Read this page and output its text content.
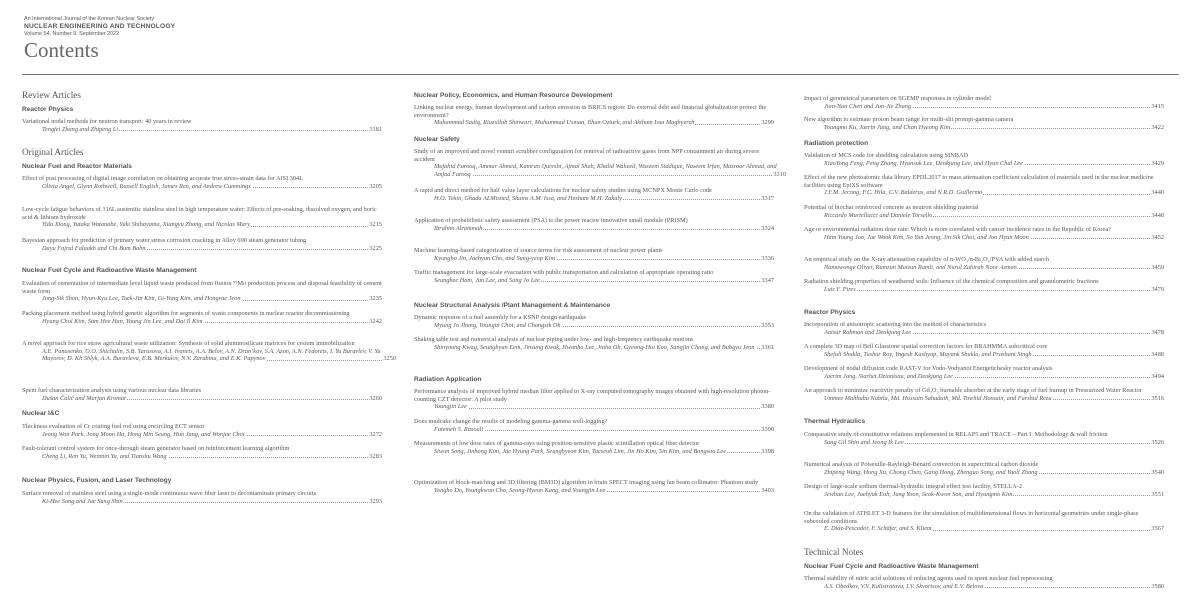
An International Journal of the Korean Nuclear Society
NUCLEAR ENGINEERING AND TECHNOLOGY
Volume 54, Number 9, September 2022
Contents
Review Articles
Reactor Physics
Variational nodal methods for neutron transport: 40 years in review
Tengfei Zhang and Zhipeng Li	3181
Original Articles
Nuclear Fuel and Reactor Materials
Effect of post processing of digital image correlation on obtaining accurate true stress-strain data for AISI 304L
Olivia Angel, Glynn Rothwell, Russell English, James Ren, and Andrew Cummings	3205
Low-cycle fatigue behaviors of 316L austenitic stainless steel in high temperature water: Effects of pre-soaking, dissolved oxygen, and boric acid & lithium hydroxide
Yida Xiong, Yutaka Watanabe, Yuki Shibayama, Xiangyu Zhong, and Nicolas Mary	3215
Bayesian approach for prediction of primary water stress corrosion cracking in Alloy 690 steam generator tubing
Dayu Fajrul Falaakh and Chi Bum Bahn	3225
Nuclear Fuel Cycle and Radioactive Waste Management
Evaluation of cementation of intermediate level liquid waste produced from fission ⁹⁹Mo production process and disposal feasibility of cement waste form
Jong-Sik Shon, Hyun-Kyu Lee, Tack-Jin Kim, Gi-Yong Kim, and Hongrae Jeon	3235
Packing placement method using hybrid genetic algorithm for segments of waste components in nuclear reactor decommissioning
Hyung Chol Kim, Sam Hee Han, Young Jin Lee, and Dai Il Kim	3242
A novel approach for rice straw agricultural waste utilization: Synthesis of solid aluminosilicate matrices for cesium immobilization
A.E. Panasenko, O.O. Shichalin, S.B. Yarusova, A.I. Ivanets, A.A. Belov, A.N. Dran’kov, S.A. Azon, A.N. Fedorets, I. Yu Buravlev, V. Yu Mayorov, D. Kh Shlyk, A.A. Buravleva, E.B. Merkulov, N.V. Zarubina, and E.K. Papynov	3250
Spent fuel characterization analysis using various nuclear data libraries
Dušan Čalič and Marjan Kromar	3260
Nuclear I&C
Thickness evaluation of Cr coating fuel rod using encircling ECT sensor
Jeong Won Park, Jong Moon Ha, Hong Min Seung, Hun Jang, and Wonjae Choi	3272
Fault-tolerant control system for once-through steam generator based on reinforcement learning algorithm
Cheng Li, Ren Yu, Wenmin Yu, and Tianshu Wang	3283
Nuclear Physics, Fusion, and Laser Technology
Surface removal of stainless steel using a single-mode continuous wave fiber laser to decontaminate primary circuits
Ki-Hee Song and Jae Sung Shin	3293
Nuclear Policy, Economics, and Human Resource Development
Linking nuclear energy, human development and carbon emission in BRICS region: Do external debt and financial globalization protect the environment?
Muhammad Sadiq, Riazullah Shinwari, Muhammad Usman, Ilhan Ozturk, and Aktham Issa Maghyereh	3299
Nuclear Safety
Study of an improved and novel venturi scrubber configuration for removal of radioactive gases from NPP containment air during severe accident
Mujahid Farooq, Ammar Ahmed, Kamran Qureshi, Ajmal Shah, Khalid Waheed, Waseem Siddique, Naseem Irfan, Masroor Ahmad, and Amjad Farooq	3310
A rapid and direct method for half value layer calculations for nuclear safety studies using MCNPX Monte Carlo code
H.O. Tekin, Ghada ALMisned, Shams A.M. Issa, and Hesham M.H. Zakaly	3317
Application of probabilistic safety assessment (PSA) to the power reactor innovative small module (PRISM)
Ibrahim Alrammah	3324
Machine learning-based categorization of source terms for risk assessment of nuclear power plants
Kyungho Jin, Jaehyun Cho, and Sung-yeop Kim	3336
Traffic management for large-scale evacuation with public transportation and calculation of appropriate operating ratio
Seunghee Ham, Jun Lee, and Sang Jo Lee	3347
Nuclear Structural Analysis /Plant Management & Maintenance
Dynamic response of a fuel assembly for a KSNP design earthquake
Myung Jo Jhung, Youngin Choi, and Changsik Oh	3353
Shaking table test and numerical analysis of nuclear piping under low- and high-frequency earthquake motions
Shinyoung Kwag, Seunghyun Eem, Jinsung Kwak, Hwanho Lee, Jinho Oh, Gyeong-Hoi Koo, Sungjin Chang, and Bubgyu Jeon 3361
Radiation Application
Performance analysis of improved hybrid median filter applied to X-ray computed tomography images obtained with high-resolution photon-counting CZT detector: A pilot study
Youngjin Lee	3380
Does mudcake change the results of modeling gamma-gamma well-logging?
Fatemeh S. Rasouli	3390
Measurements of low dose rates of gamma-rays using position-sensitive plastic scintillation optical fiber detector
Siwon Song, Jinhong Kim, Jae Hyung Park, Seunghyeon Kim, Taeseob Lim, Jin Ho Kim, Sin Kim, and Bongsoo Lee	3398
Optimization of block-matching and 3D filtering (BM3D) algorithm in brain SPECT imaging using fan beam collimator: Phantom study
Yongho Do, Youngkwon Cho, Seong-Hyeon Kang, and Youngjin Lee	3403
Impact of geometrical parameters on SGEMP responses in cylinder model
Jian-Nan Chen and Jun-Jie Zhang	3415
New algorithm to estimate proton beam range for multi-slit prompt-gamma camera
Youngmo Ku, Jaerin Jung, and Chan Hyeong Kim	3422
Radiation protection
Validation of MCS code for shielding calculation using SINBAD
XiaoYong Feng, Peng Zhang, Hyunsuk Lee, Deokjung Lee, and Hyun Chul Lee	3429
Effect of the new photoatomic data library EPDL2017 to mass attenuation coefficient calculation of materials used in the nuclear medicine facilities using EpiXS software
J.F.M. Jecong, F.C. Hila, C.V. Balderas, and N.R.D. Guillermo	3440
Potential of biochar reinforced concrete as neutron shielding material
Riccardo Martellucci and Daniele Torsello	3448
Age or environmental radiation dose rate: Which is more correlated with cancer incidence rates in the Republic of Korea?
Ham Young Joo, Jae Wook Kim, So Yun Jeong, Jin Sik Choi, and Joo Hyun Moon	3452
An empirical study on the X-ray attenuation capability of n-WO₃/n-Bi₂O₃/PVA with added starch
Namuwonge Oliver, Ramzun Maizan Ramli, and Nurul Zahirah Noor Azman	3459
Radiation shielding properties of weathered soils: Influence of the chemical composition and granulometric fractions
Luiz F. Pires	3470
Reactor Physics
Incorporation of anisotropic scattering into the method of characteristics
Anisur Rahman and Deokjung Lee	3478
A complete 3D map of Bell Glasstone spatial correction factors for BRAHMMA subcritical core
Shefali Shukla, Tushar Roy, Yogesh Kashyap, Mayank Shukla, and Prashant Singh	3488
Development of nodal diffusion code RAST-V for Vodo-Vodyanoi Energetichesky reactor analysis
Jaerim Jang, Siarhei Dzianisau, and Deokjung Lee	3494
An approach to minimize reactivity penalty of Gd₂O₃ burnable absorber at the early stage of fuel burnup in Pressurized Water Reactor
Ummee Mahbuba Nabila, Md. Hossain Sahadath, Md. Towhid Hossain, and Farshid Reza	3516
Thermal Hydraulics
Comparative study of constitutive relations implemented in RELAP5 and TRACE – Part I: Methodology & wall friction
Sung Gil Shin and Jeong Ik Lee	3526
Numerical analysis of Poiseuille-Rayleigh-Bénard convection in supercritical carbon dioxide
Zhipeng Wang, Hong Xu, Chong Chen, Gang Hong, Zhenguo Song, and Yaoli Zhang	3540
Design of large-scale sodium thermal-hydraulic integral effect test facility, STELLA-2
Jewhan Lee, Jaehyuk Eoh, Jung Yoon, Seok-Kwon Son, and Hyungmo Kim	3551
On the validation of ATHLET 3-D features for the simulation of multidimensional flows in horizontal geometries under single-phase subcooled conditions
E. Diaz-Pescador, F. Schäfer, and S. Kliem	3567
Technical Notes
Nuclear Fuel Cycle and Radioactive Waste Management
Thermal stability of nitric acid solutions of reducing agents used in spent nuclear fuel reprocessing
A.S. Obedkov, V.V. Kalistratova, I.V. Skvortsov, and E.V. Belova	3580
